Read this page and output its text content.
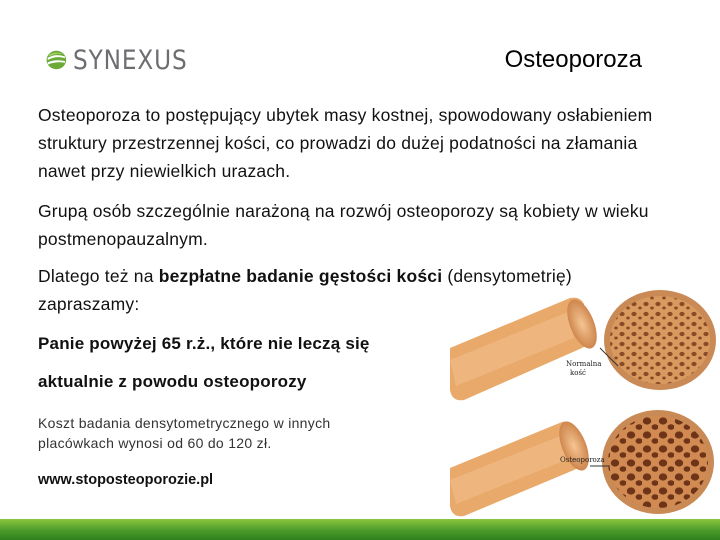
SYNEXUS	Osteoporoza
Osteoporoza to postępujący ubytek masy kostnej, spowodowany osłabieniem struktury przestrzennej kości, co prowadzi do dużej podatności na złamania nawet przy niewielkich urazach.
Grupą osób szczególnie narażoną na rozwój osteoporozy są kobiety w wieku postmenopauzalnym.
Dlatego też na bezpłatne badanie gęstości kości (densytometrię) zapraszamy:
Panie powyżej 65 r.ż., które nie leczą się
aktualnie z powodu osteoporozy
Koszt badania densytometrycznego w innych placówkach wynosi od 60 do 120 zł.
www.stoposteoporozie.pl
Normalna
kość
Osteoporoza
